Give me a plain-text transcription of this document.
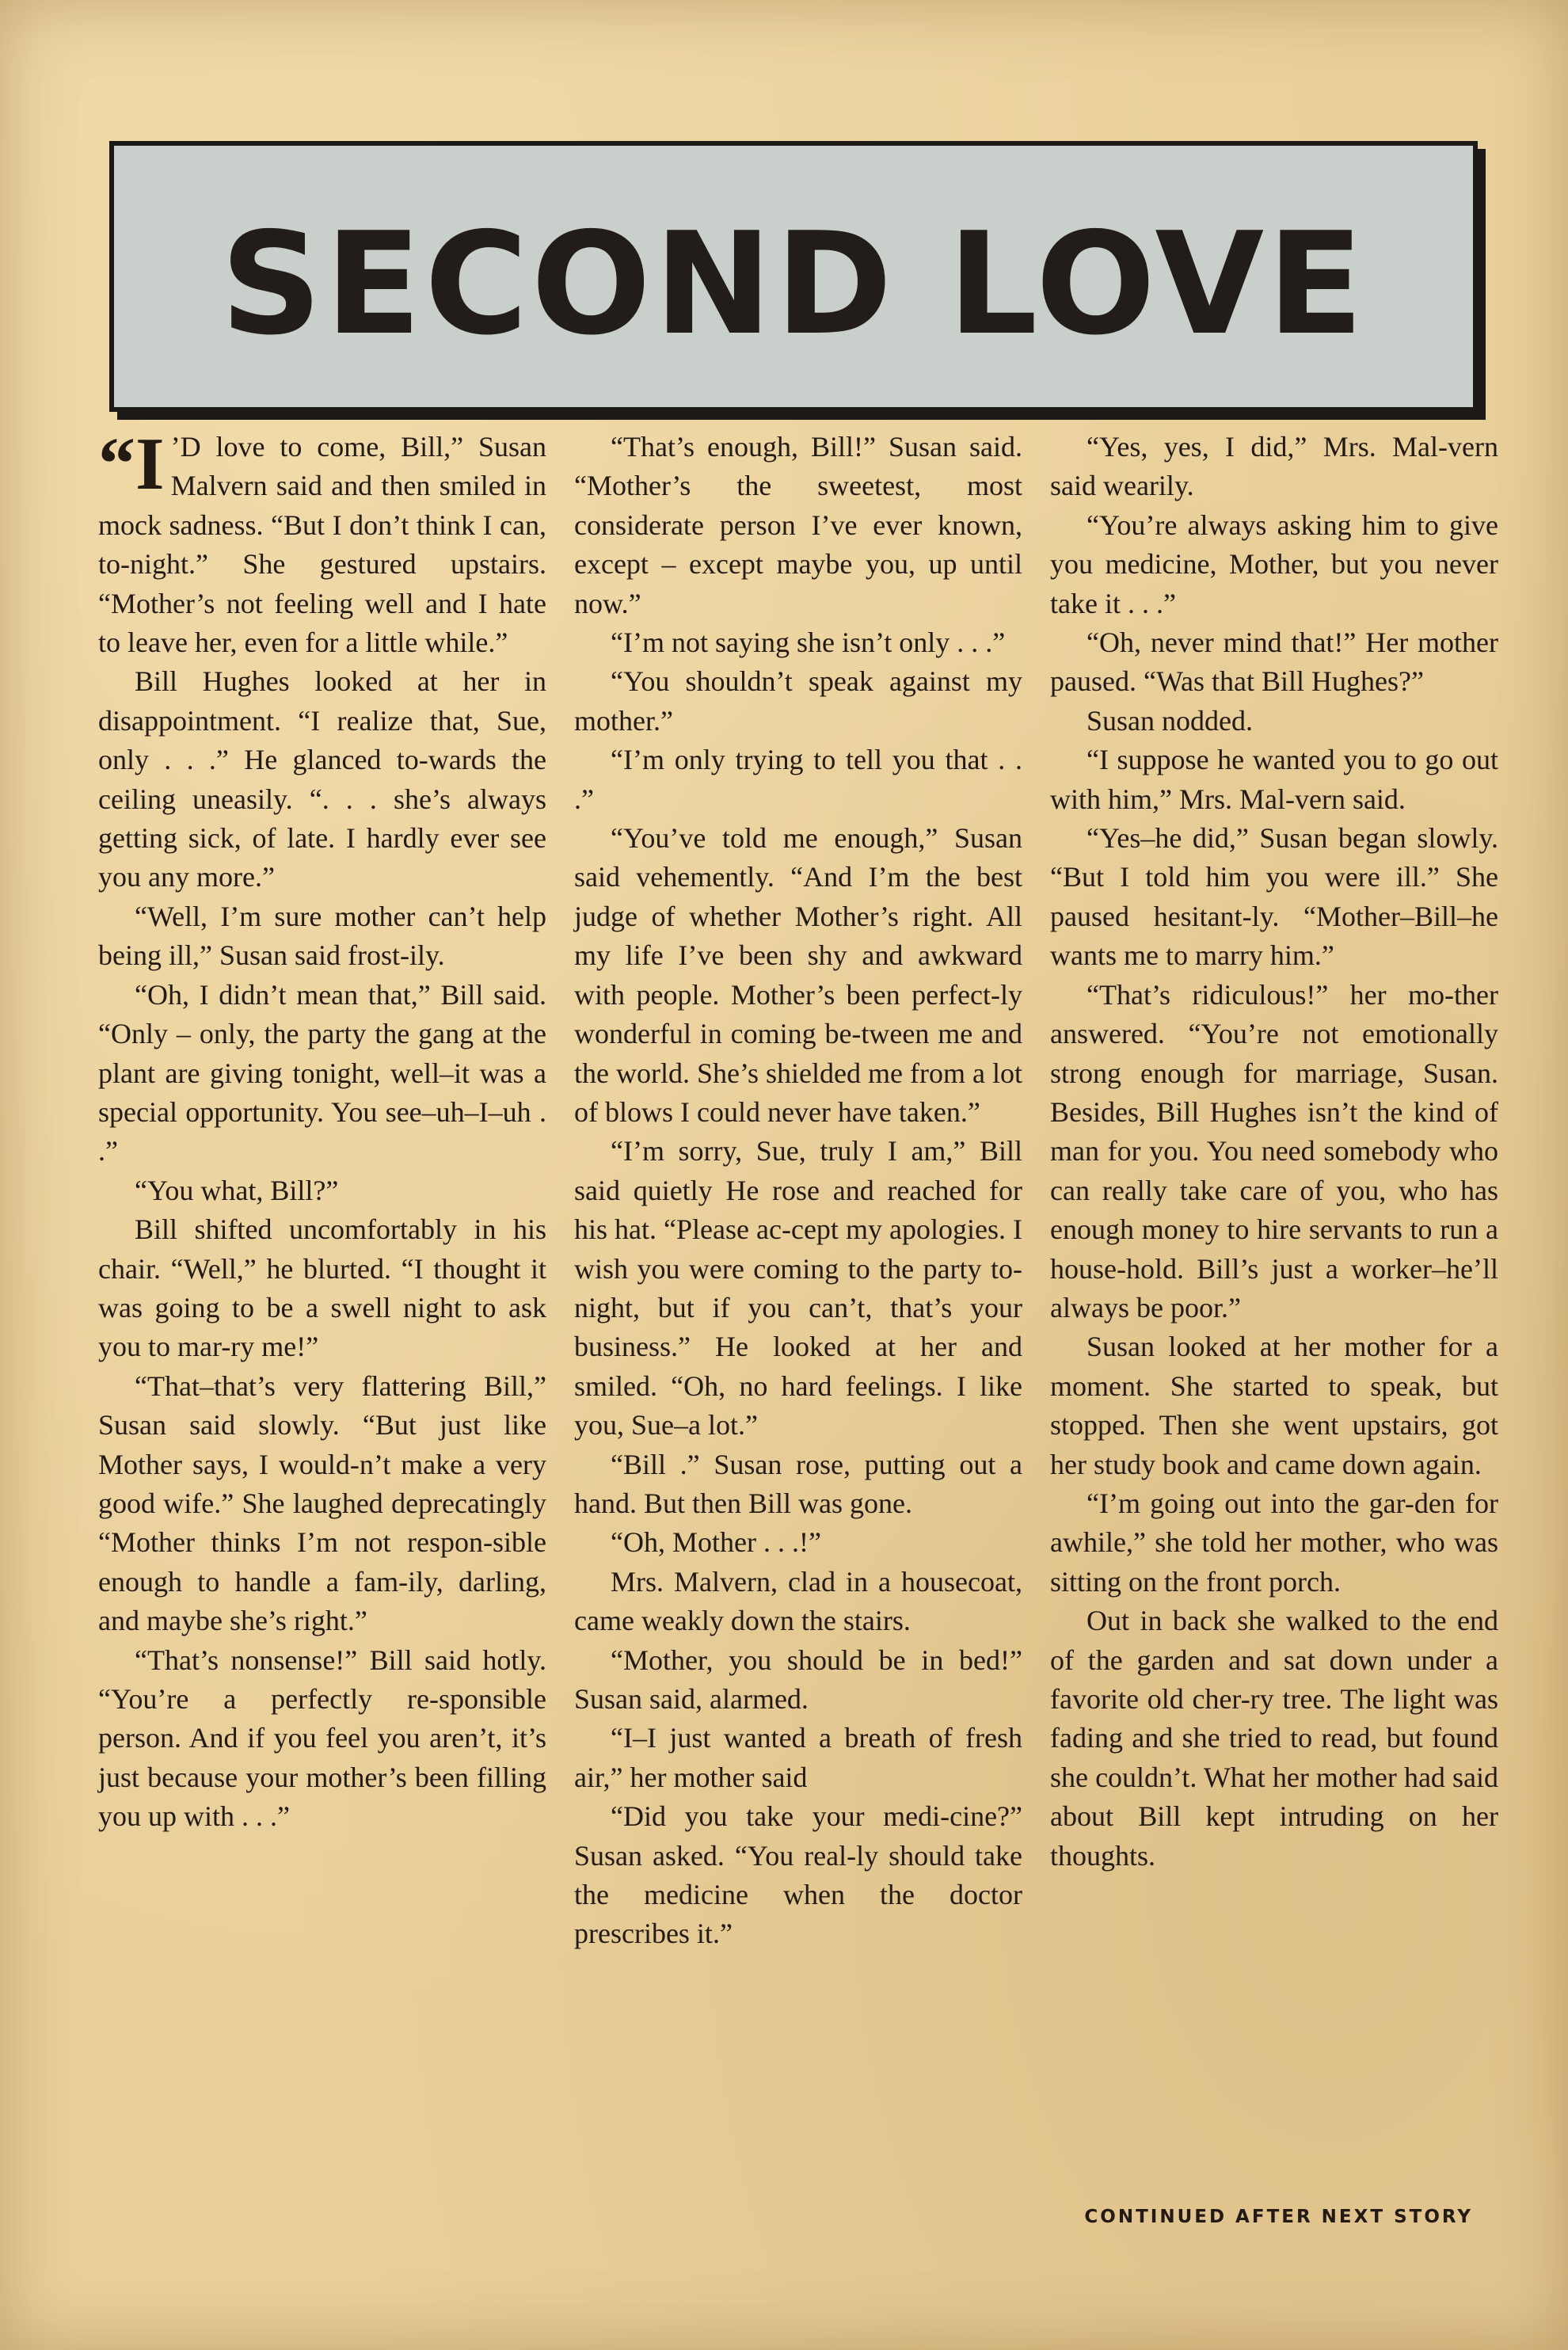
SECOND LOVE

“I ’D love to come, Bill,” Susan Malvern said and then smiled in mock sadness. “But I don’t think I can, to-night.” She gestured upstairs. “Mother’s not feeling well and I hate to leave her, even for a little while.”

Bill Hughes looked at her in disappointment. “I realize that, Sue, only . . .” He glanced to-wards the ceiling uneasily. “. . . she’s always getting sick, of late. I hardly ever see you any more.”

“Well, I’m sure mother can’t help being ill,” Susan said frost-ily.

“Oh, I didn’t mean that,” Bill said. “Only – only, the party the gang at the plant are giving tonight, well–it was a special opportunity. You see–uh–I–uh . .”

“You what, Bill?”

Bill shifted uncomfortably in his chair. “Well,” he blurted. “I thought it was going to be a swell night to ask you to mar-ry me!”

“That–that’s very flattering Bill,” Susan said slowly. “But just like Mother says, I would-n’t make a very good wife.” She laughed deprecatingly “Mother thinks I’m not respon-sible enough to handle a fam-ily, darling, and maybe she’s right.”

“That’s nonsense!” Bill said hotly. “You’re a perfectly re-sponsible person. And if you feel you aren’t, it’s just because your mother’s been filling you up with . . .”

“That’s enough, Bill!” Susan said. “Mother’s the sweetest, most considerate person I’ve ever known, except – except maybe you, up until now.”

“I’m not saying she isn’t only . . .”

“You shouldn’t speak against my mother.”

“I’m only trying to tell you that . . .”

“You’ve told me enough,” Susan said vehemently. “And I’m the best judge of whether Mother’s right. All my life I’ve been shy and awkward with people. Mother’s been perfect-ly wonderful in coming be-tween me and the world. She’s shielded me from a lot of blows I could never have taken.”

“I’m sorry, Sue, truly I am,” Bill said quietly He rose and reached for his hat. “Please ac-cept my apologies. I wish you were coming to the party to-night, but if you can’t, that’s your business.” He looked at her and smiled. “Oh, no hard feelings. I like you, Sue–a lot.”

“Bill .” Susan rose, putting out a hand. But then Bill was gone.

“Oh, Mother . . .!”

Mrs. Malvern, clad in a housecoat, came weakly down the stairs.

“Mother, you should be in bed!” Susan said, alarmed.

“I–I just wanted a breath of fresh air,” her mother said

“Did you take your medi-cine?” Susan asked. “You real-ly should take the medicine when the doctor prescribes it.”

“Yes, yes, I did,” Mrs. Mal-vern said wearily.

“You’re always asking him to give you medicine, Mother, but you never take it . . .”

“Oh, never mind that!” Her mother paused. “Was that Bill Hughes?”

Susan nodded.

“I suppose he wanted you to go out with him,” Mrs. Mal-vern said.

“Yes–he did,” Susan began slowly. “But I told him you were ill.” She paused hesitant-ly. “Mother–Bill–he wants me to marry him.”

“That’s ridiculous!” her mo-ther answered. “You’re not emotionally strong enough for marriage, Susan. Besides, Bill Hughes isn’t the kind of man for you. You need somebody who can really take care of you, who has enough money to hire servants to run a house-hold. Bill’s just a worker–he’ll always be poor.”

Susan looked at her mother for a moment. She started to speak, but stopped. Then she went upstairs, got her study book and came down again.

“I’m going out into the gar-den for awhile,” she told her mother, who was sitting on the front porch.

Out in back she walked to the end of the garden and sat down under a favorite old cher-ry tree. The light was fading and she tried to read, but found she couldn’t. What her mother had said about Bill kept intruding on her thoughts.

CONTINUED AFTER NEXT STORY
